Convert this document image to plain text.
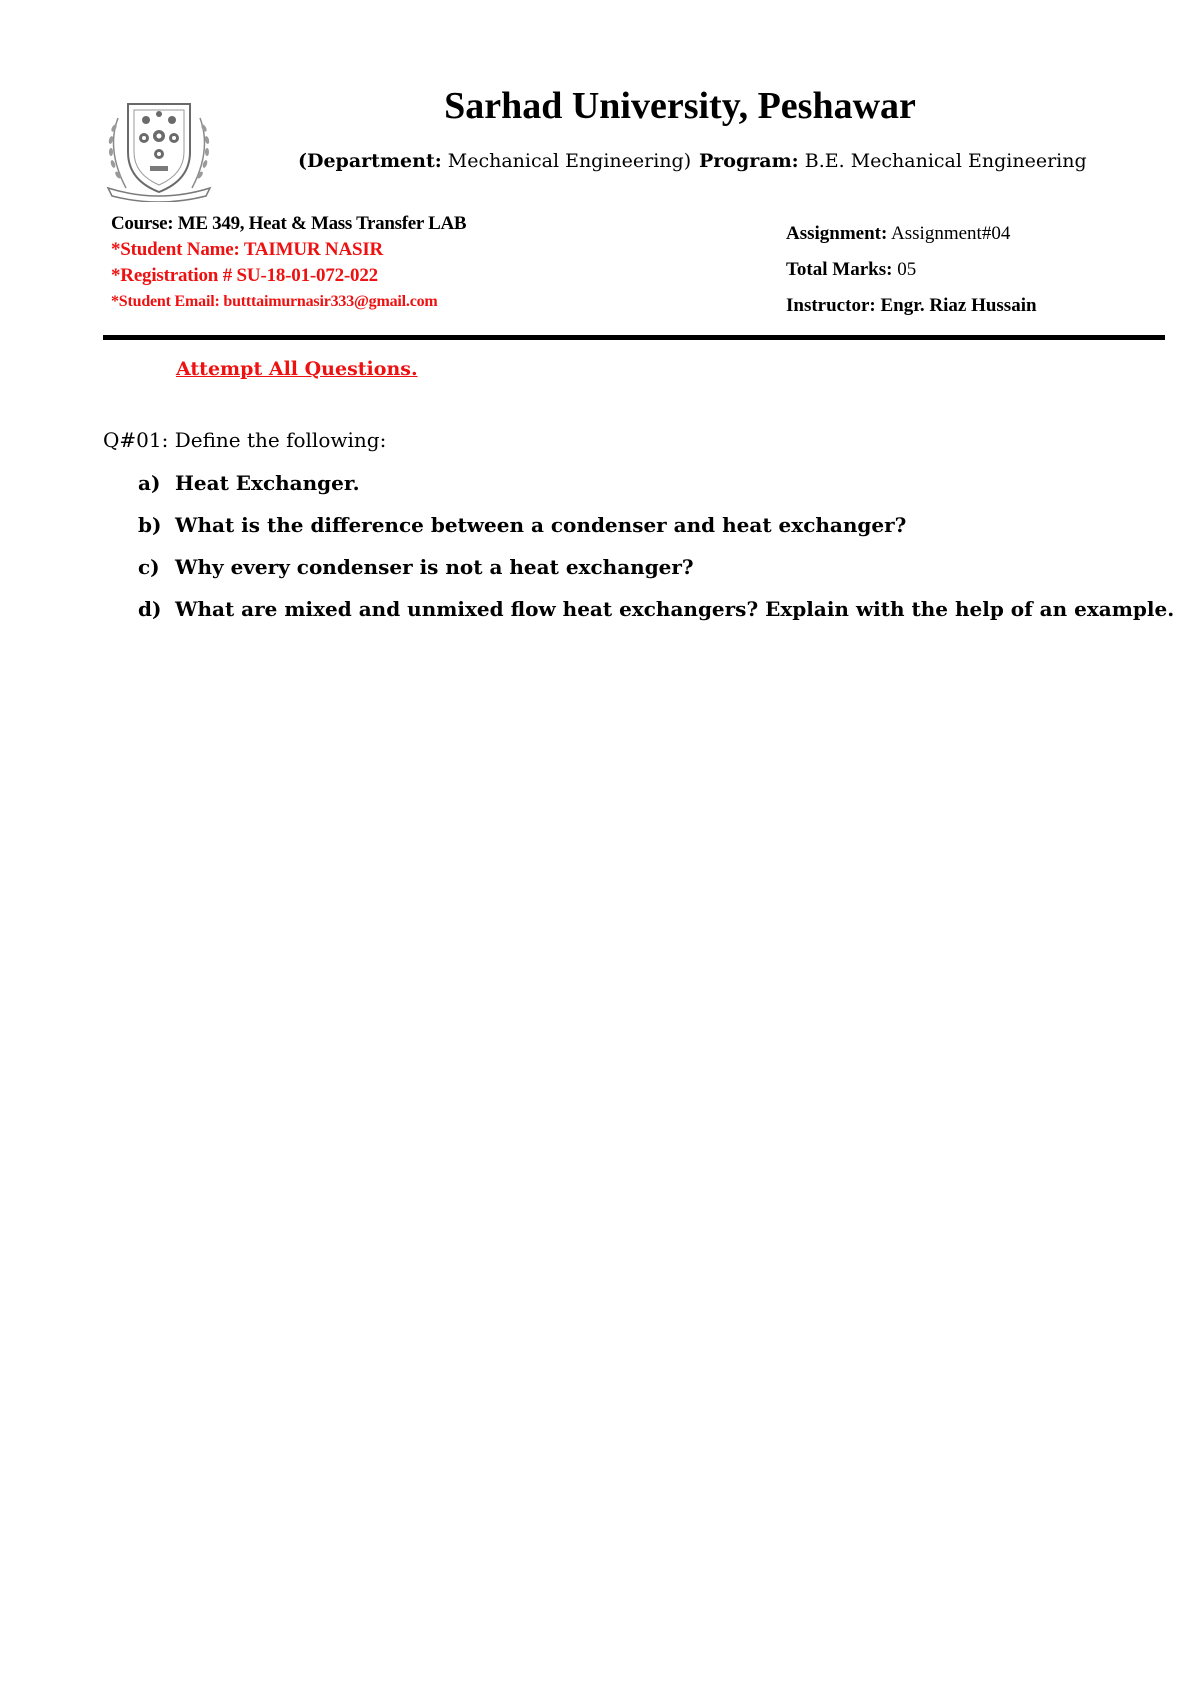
Sarhad University, Peshawar
(Department: Mechanical Engineering) Program: B.E. Mechanical Engineering
Course: ME 349, Heat & Mass Transfer LAB
*Student Name: TAIMUR NASIR
*Registration # SU-18-01-072-022
*Student Email: butttaimurnasir333@gmail.com
Assignment: Assignment#04
Total Marks: 05
Instructor: Engr. Riaz Hussain
Attempt All Questions.
Q#01: Define the following:
a) Heat Exchanger.
b) What is the difference between a condenser and heat exchanger?
c) Why every condenser is not a heat exchanger?
d) What are mixed and unmixed flow heat exchangers? Explain with the help of an example.
